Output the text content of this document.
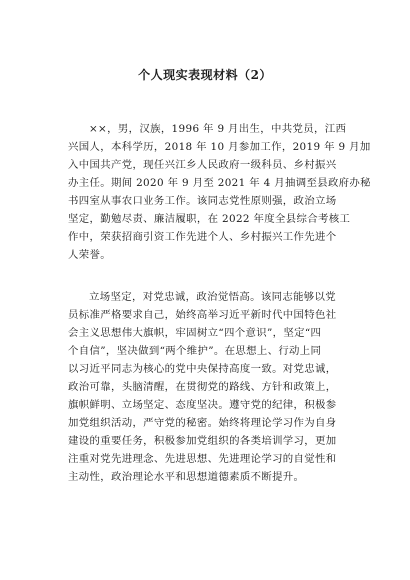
个人现实表现材料（2）
××，男，汉族，1996 年 9 月出生，中共党员，江西
兴国人，本科学历，2018 年 10 月参加工作，2019 年 9 月加
入中国共产党，现任兴江乡人民政府一级科员、乡村振兴
办主任。期间 2020 年 9 月至 2021 年 4 月抽调至县政府办秘
书四室从事农口业务工作。该同志党性原则强，政治立场
坚定，勤勉尽责、廉洁履职，在 2022 年度全县综合考核工
作中，荣获招商引资工作先进个人、乡村振兴工作先进个
人荣誉。
立场坚定，对党忠诚，政治觉悟高。该同志能够以党
员标准严格要求自己，始终高举习近平新时代中国特色社
会主义思想伟大旗帜，牢固树立“四个意识”，坚定“四
个自信”，坚决做到“两个维护”。在思想上、行动上同
以习近平同志为核心的党中央保持高度一致。对党忠诚，
政治可靠，头脑清醒，在贯彻党的路线、方针和政策上，
旗帜鲜明、立场坚定、态度坚决。遵守党的纪律，积极参
加党组织活动，严守党的秘密。始终将理论学习作为自身
建设的重要任务，积极参加党组织的各类培训学习，更加
注重对党先进理念、先进思想、先进理论学习的自觉性和
主动性，政治理论水平和思想道德素质不断提升。
